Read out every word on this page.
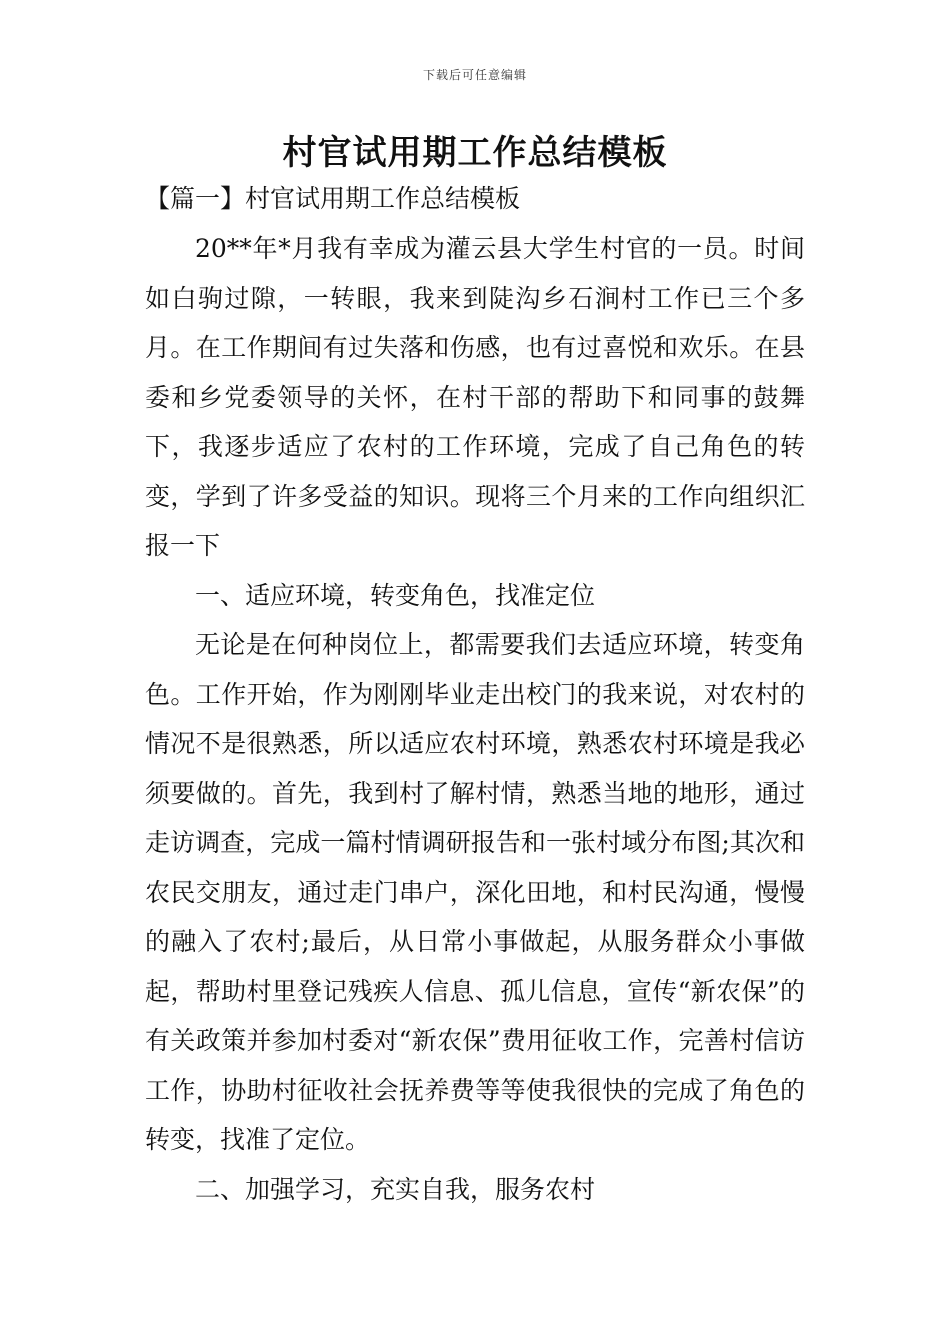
下载后可任意编辑
村官试用期工作总结模板
【篇一】村官试用期工作总结模板

20**年*月我有幸成为灌云县大学生村官的一员。时间如白驹过隙，一转眼，我来到陡沟乡石涧村工作已三个多月。在工作期间有过失落和伤感，也有过喜悦和欢乐。在县委和乡党委领导的关怀，在村干部的帮助下和同事的鼓舞下，我逐步适应了农村的工作环境，完成了自己角色的转变，学到了许多受益的知识。现将三个月来的工作向组织汇报一下

一、适应环境，转变角色，找准定位

无论是在何种岗位上，都需要我们去适应环境，转变角色。工作开始，作为刚刚毕业走出校门的我来说，对农村的情况不是很熟悉，所以适应农村环境，熟悉农村环境是我必须要做的。首先，我到村了解村情，熟悉当地的地形，通过走访调查，完成一篇村情调研报告和一张村域分布图;其次和农民交朋友，通过走门串户，深化田地，和村民沟通，慢慢的融入了农村;最后，从日常小事做起，从服务群众小事做起，帮助村里登记残疾人信息、孤儿信息，宣传“新农保”的有关政策并参加村委对“新农保”费用征收工作，完善村信访工作，协助村征收社会抚养费等等使我很快的完成了角色的转变，找准了定位。

二、加强学习，充实自我，服务农村
